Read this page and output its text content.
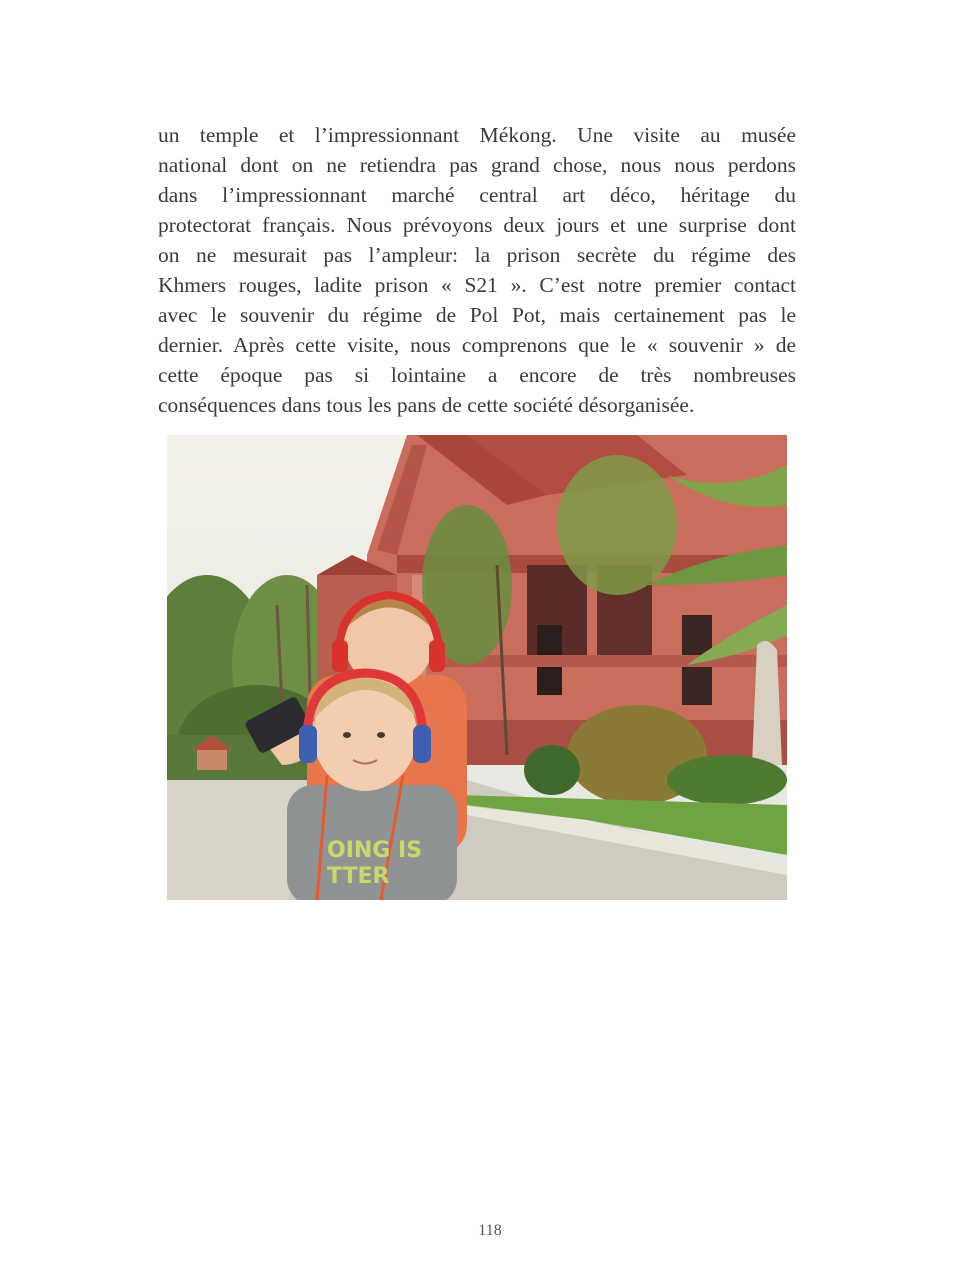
un temple et l’impressionnant Mékong. Une visite au musée
national dont on ne retiendra pas grand chose, nous nous perdons
dans l’impressionnant marché central art déco, héritage du
protectorat français. Nous prévoyons deux jours et une surprise dont
on ne mesurait pas l’ampleur: la prison secrète du régime des
Khmers rouges, ladite prison « S21 ». C’est notre premier contact
avec le souvenir du régime de Pol Pot, mais certainement pas le
dernier. Après cette visite, nous comprenons que le « souvenir » de
cette époque pas si lointaine a encore de très nombreuses
conséquences dans tous les pans de cette société désorganisée.
OING IS
TTER
118
